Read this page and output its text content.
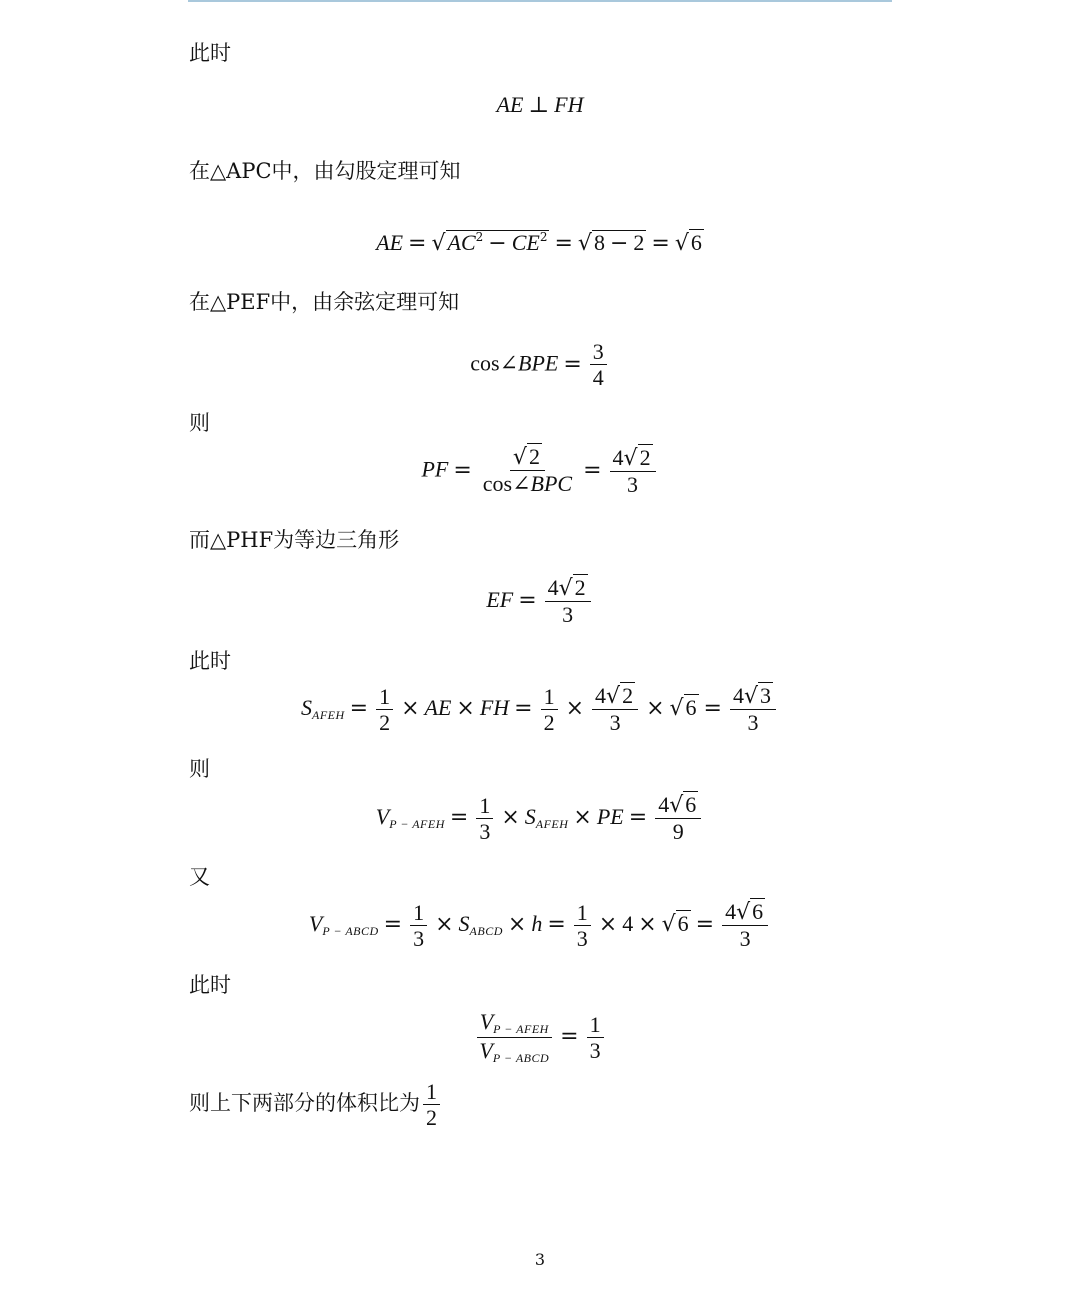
此时
AE ⊥ FH
在△APC中，由勾股定理可知
AE = $√AC^2 - CE^2 = √8 - 2 = √6$
在△PEF中，由余弦定理可知
cos∠BPE = $\frac{3}{4}$
则
PF = $\frac{√2}{\text{cos∠BPC}} = \frac{4√2}{3}$
而△PHF为等边三角形
EF = $\frac{4√2}{3}$
此时
$S_{AFEH} = \frac{1}{2}$ × AE × FH = $\frac{1}{2} \times \frac{4√2}{3} \times √6 = \frac{4√3}{3}$
则
$V_{P - AFEH} = \frac{1}{3} \times S_{AFEH}$ × PE = $\frac{4√6}{9}$
又
$V_{P - ABCD} = \frac{1}{3} \times S_{ABCD} \times h = \frac{1}{3} \times 4 \times √6 = \frac{4√6}{3}$
此时
$\frac{V_{P - AFEH}}{V_{P - ABCD}} = \frac{1}{3}$
则上下两部分的体积比为 $\frac{1}{2}$
3
